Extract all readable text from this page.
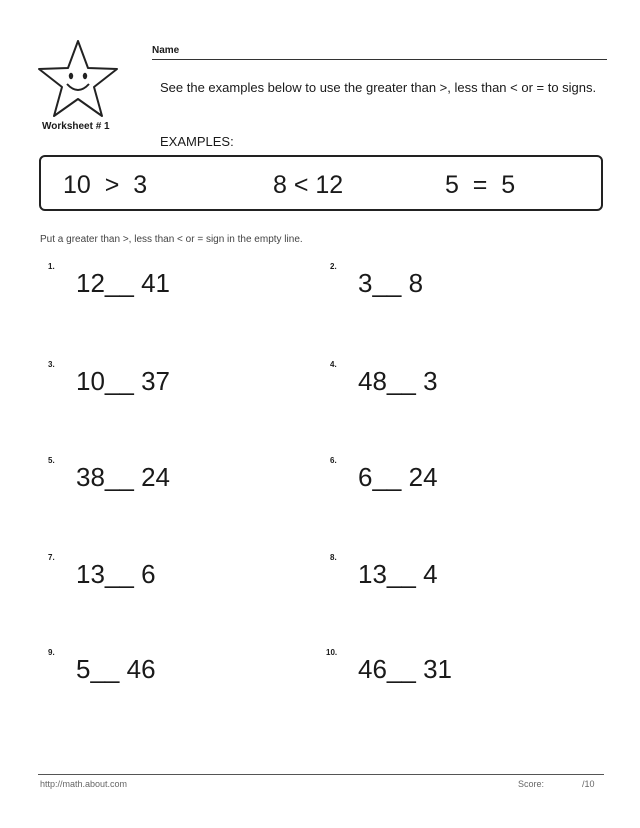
Worksheet # 1
Name
See the examples below to use the greater than >, less than < or = to signs.
EXAMPLES:
10  >  3	8 < 12	5  =  5
Put a greater than >, less than < or = sign in the empty line.
1.
12__ 41
2.
3__ 8
3.
10__ 37
4.
48__ 3
5.
38__ 24
6.
6__ 24
7.
13__ 6
8.
13__ 4
9.
5__ 46
10.
46__ 31
http://math.about.com	Score:	/10
